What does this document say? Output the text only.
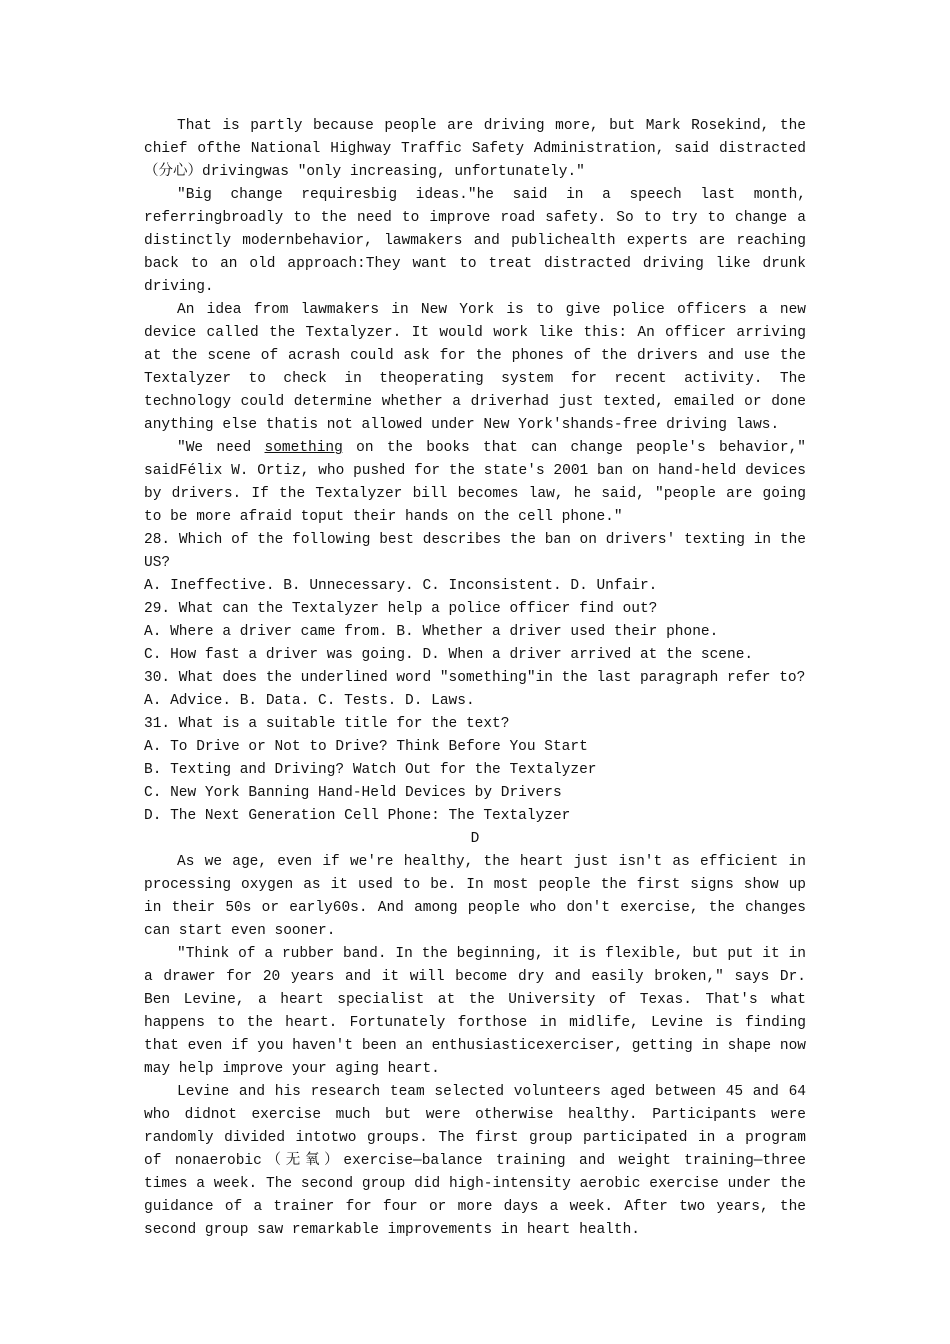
That is partly because people are driving more, but Mark Rosekind, the chief ofthe National Highway Traffic Safety Administration, said distracted（分心）drivingwas "only increasing, unfortunately."

"Big change requiresbig ideas."he said in a speech last month, referringbroadly to the need to improve road safety. So to try to change a distinctly modernbehavior, lawmakers and publichealth experts are reaching back to an old approach:They want to treat distracted driving like drunk driving.

An idea from lawmakers in New York is to give police officers a new device called the Textalyzer. It would work like this: An officer arriving at the scene of acrash could ask for the phones of the drivers and use the Textalyzer to check in theoperating system for recent activity. The technology could determine whether a driverhad just texted, emailed or done anything else thatis not allowed under New York'shands-free driving laws.

"We need something on the books that can change people's behavior," saidFélix W. Ortiz, who pushed for the state's 2001 ban on hand-held devices by drivers. If the Textalyzer bill becomes law, he said, "people are going to be more afraid toput their hands on the cell phone."

28. Which of the following best describes the ban on drivers' texting in the US?

A. Ineffective. B. Unnecessary. C. Inconsistent. D. Unfair.

29. What can the Textalyzer help a police officer find out?

A. Where a driver came from. B. Whether a driver used their phone.

C. How fast a driver was going. D. When a driver arrived at the scene.

30. What does the underlined word "something"in the last paragraph refer to?

A. Advice. B. Data. C. Tests. D. Laws.

31. What is a suitable title for the text?

A. To Drive or Not to Drive? Think Before You Start

B. Texting and Driving? Watch Out for the Textalyzer

C. New York Banning Hand-Held Devices by Drivers

D. The Next Generation Cell Phone: The Textalyzer

D

As we age, even if we're healthy, the heart just isn't as efficient in processing oxygen as it used to be. In most people the first signs show up in their 50s or early60s. And among people who don't exercise, the changes can start even sooner.

"Think of a rubber band. In the beginning, it is flexible, but put it in a drawer for 20 years and it will become dry and easily broken," says Dr. Ben Levine, a heart specialist at the University of Texas. That's what happens to the heart. Fortunately forthose in midlife, Levine is finding that even if you haven't been an enthusiasticexerciser, getting in shape now may help improve your aging heart.

Levine and his research team selected volunteers aged between 45 and 64 who didnot exercise much but were otherwise healthy. Participants were randomly divided intotwo groups. The first group participated in a program of nonaerobic（无氧）exercise—balance training and weight training—three times a week. The second group did high-intensity aerobic exercise under the guidance of a trainer for four or more days a week. After two years, the second group saw remarkable improvements in heart health.
